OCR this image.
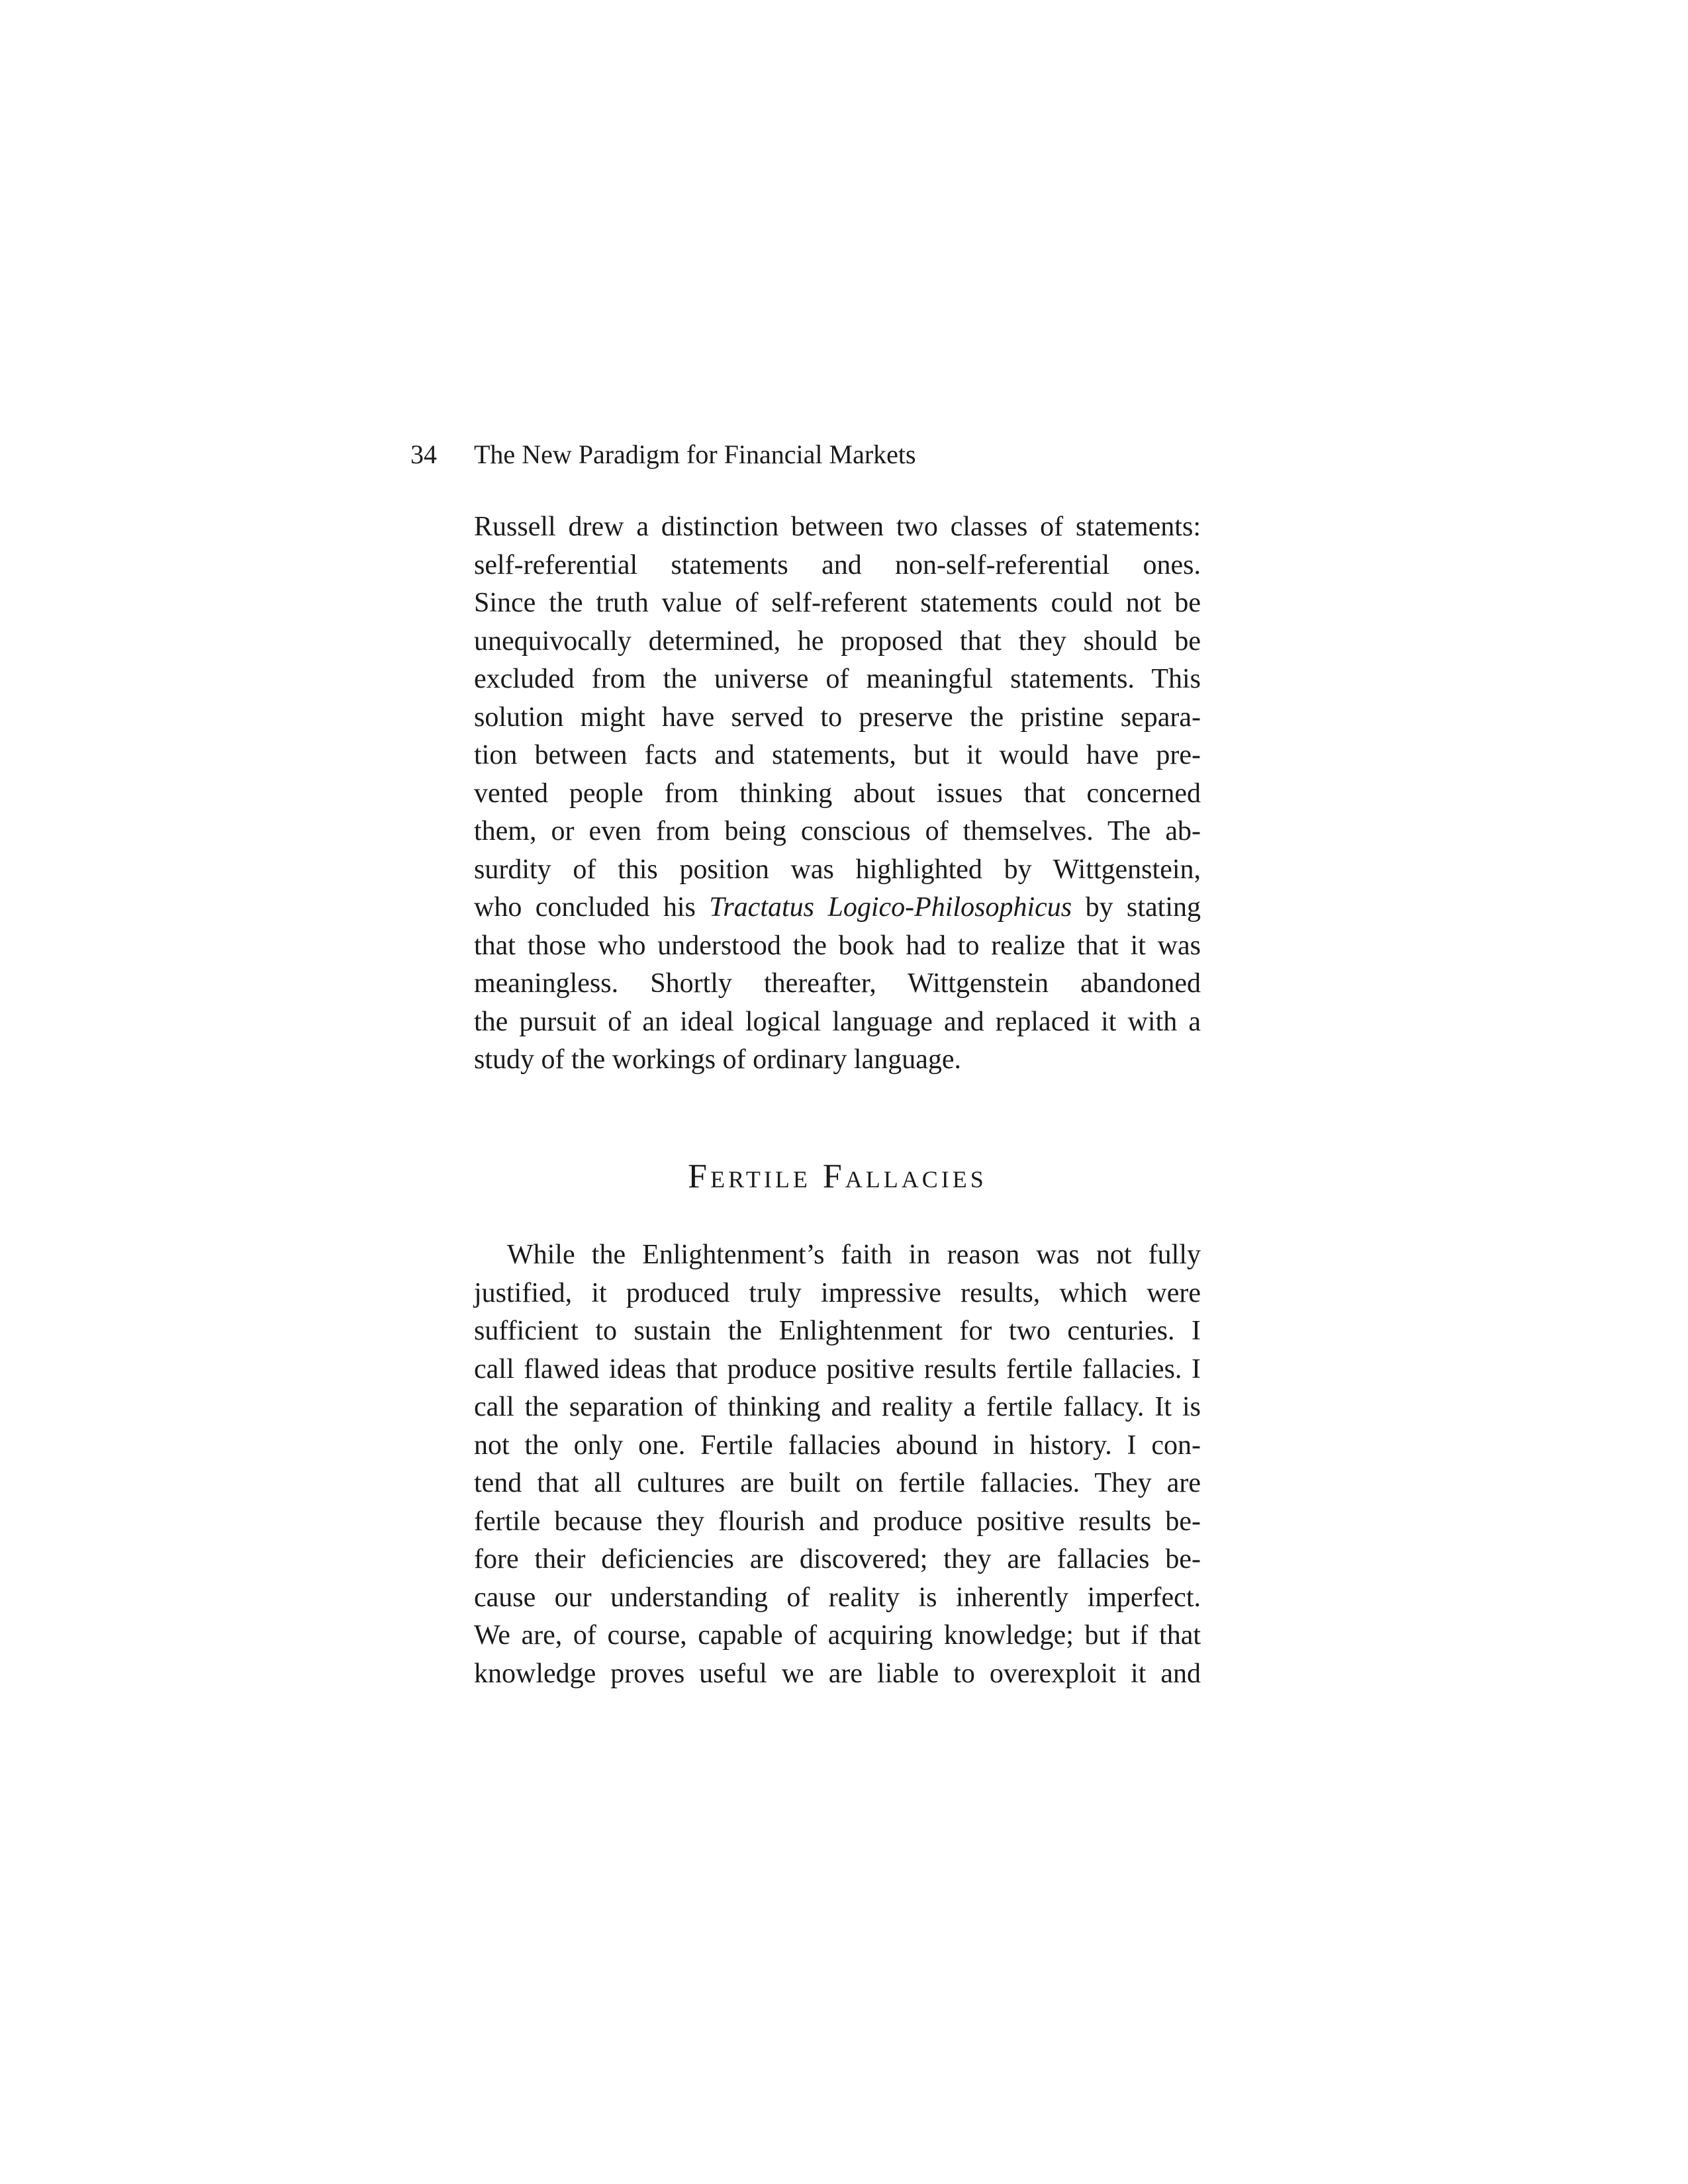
34 The New Paradigm for Financial Markets
Russell drew a distinction between two classes of statements:
self-referential statements and non-self-referential ones.
Since the truth value of self-referent statements could not be
unequivocally determined, he proposed that they should be
excluded from the universe of meaningful statements. This
solution might have served to preserve the pristine separa-
tion between facts and statements, but it would have pre-
vented people from thinking about issues that concerned
them, or even from being conscious of themselves. The ab-
surdity of this position was highlighted by Wittgenstein,
who concluded his Tractatus Logico-Philosophicus by stating
that those who understood the book had to realize that it was
meaningless. Shortly thereafter, Wittgenstein abandoned
the pursuit of an ideal logical language and replaced it with a
study of the workings of ordinary language.
Fertile Fallacies
While the Enlightenment’s faith in reason was not fully
justified, it produced truly impressive results, which were
sufficient to sustain the Enlightenment for two centuries. I
call flawed ideas that produce positive results fertile fallacies. I
call the separation of thinking and reality a fertile fallacy. It is
not the only one. Fertile fallacies abound in history. I con-
tend that all cultures are built on fertile fallacies. They are
fertile because they flourish and produce positive results be-
fore their deficiencies are discovered; they are fallacies be-
cause our understanding of reality is inherently imperfect.
We are, of course, capable of acquiring knowledge; but if that
knowledge proves useful we are liable to overexploit it and
